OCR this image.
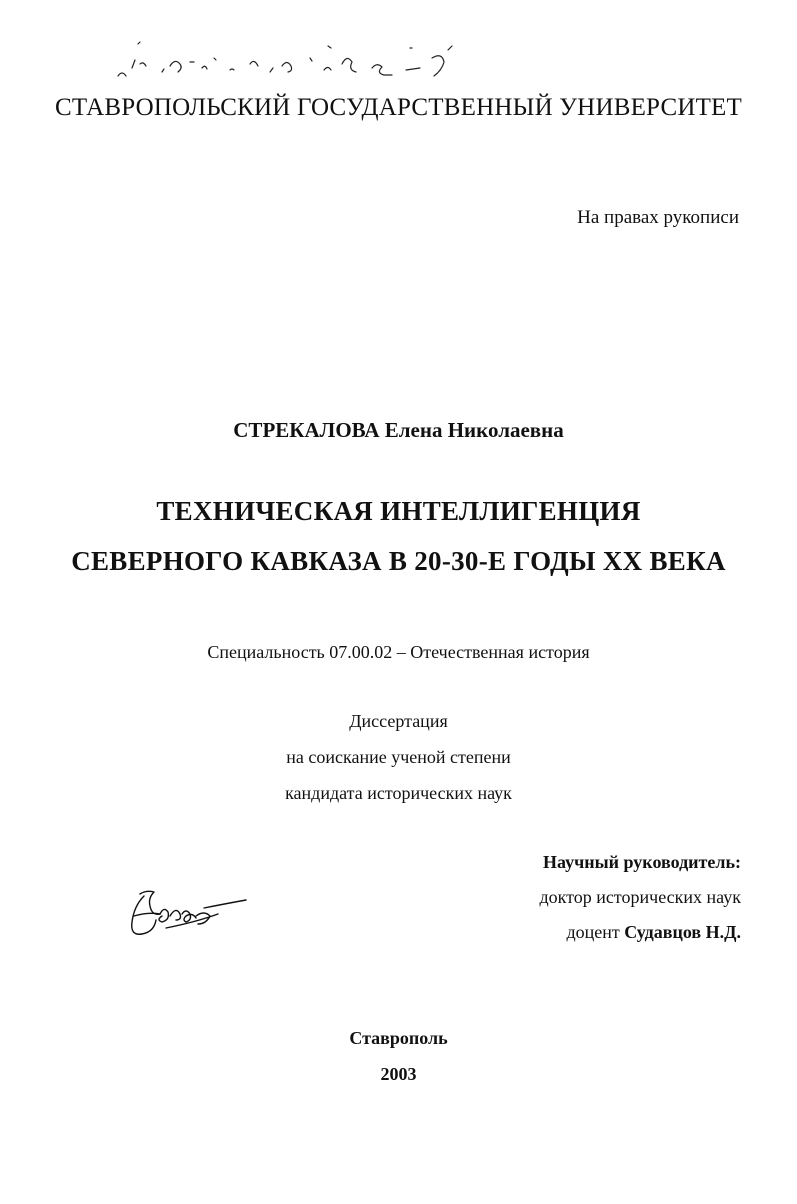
СТАВРОПОЛЬСКИЙ ГОСУДАРСТВЕННЫЙ УНИВЕРСИТЕТ
На правах рукописи
СТРЕКАЛОВА Елена Николаевна
ТЕХНИЧЕСКАЯ ИНТЕЛЛИГЕНЦИЯ
СЕВЕРНОГО КАВКАЗА В 20-30-Е ГОДЫ XX ВЕКА
Специальность 07.00.02 – Отечественная история
Диссертация
на соискание ученой степени
кандидата исторических наук
Научный руководитель:
доктор исторических наук
доцент Судавцов Н.Д.
Ставрополь
2003
